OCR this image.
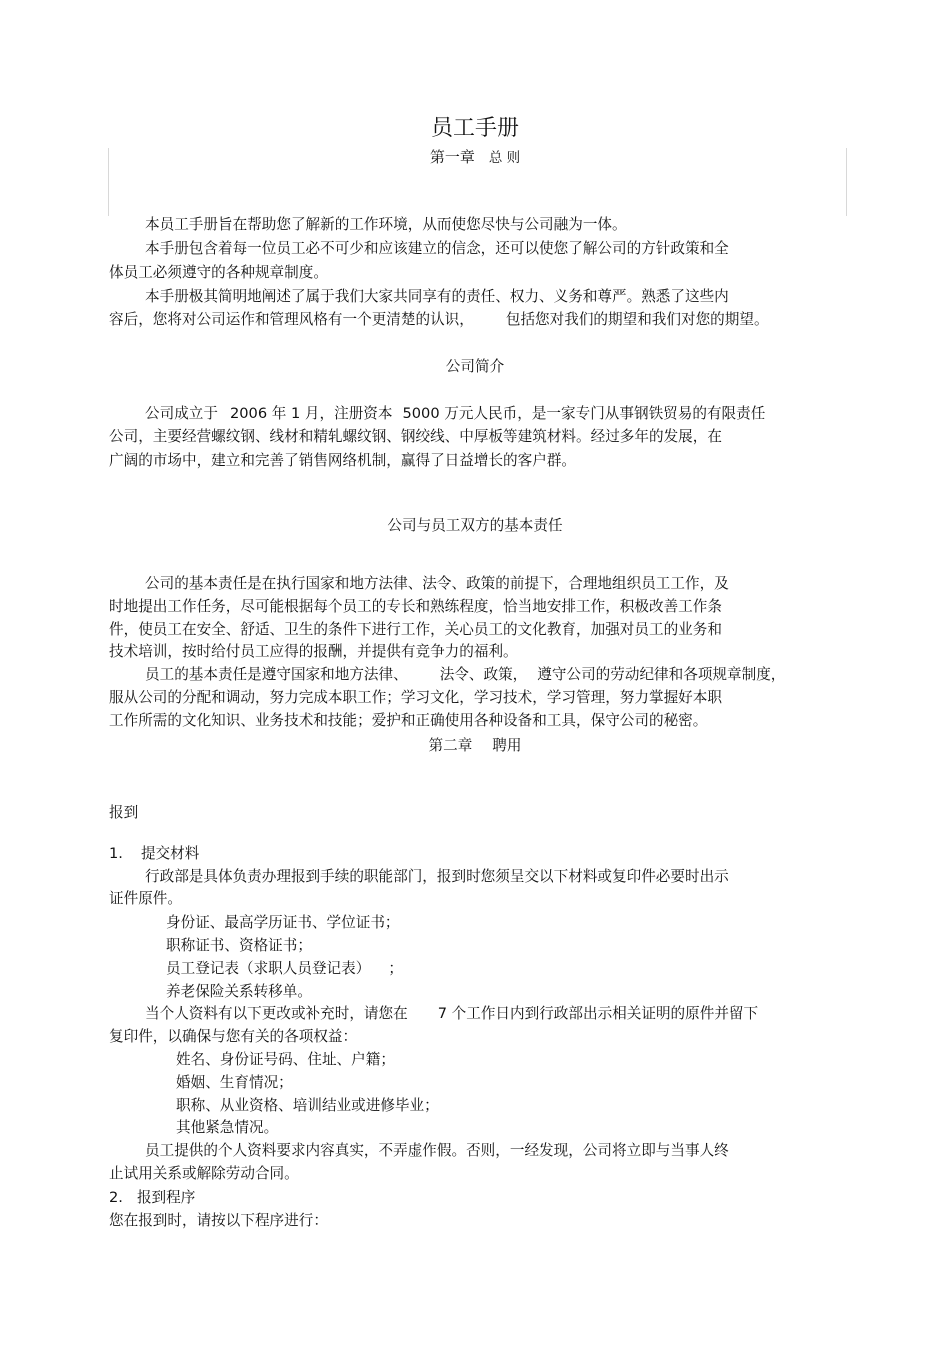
员工手册
第一章 总 则
本员工手册旨在帮助您了解新的工作环境，从而使您尽快与公司融为一体。
本手册包含着每一位员工必不可少和应该建立的信念，还可以使您了解公司的方针政策和全
体员工必须遵守的各种规章制度。
本手册极其简明地阐述了属于我们大家共同享有的责任、权力、义务和尊严。熟悉了这些内
容后，您将对公司运作和管理风格有一个更清楚的认识， 包括您对我们的期望和我们对您的期望。
公司简介
公司成立于 2006 年 1 月，注册资本 5000 万元人民币，是一家专门从事钢铁贸易的有限责任
公司，主要经营螺纹钢、线材和精轧螺纹钢、钢绞线、中厚板等建筑材料。经过多年的发展，在
广阔的市场中，建立和完善了销售网络机制，赢得了日益增长的客户群。
公司与员工双方的基本责任
公司的基本责任是在执行国家和地方法律、法令、政策的前提下，合理地组织员工工作，及
时地提出工作任务，尽可能根据每个员工的专长和熟练程度，恰当地安排工作，积极改善工作条
件，使员工在安全、舒适、卫生的条件下进行工作，关心员工的文化教育，加强对员工的业务和
技术培训，按时给付员工应得的报酬，并提供有竞争力的福利。
员工的基本责任是遵守国家和地方法律、 法令、政策， 遵守公司的劳动纪律和各项规章制度，
服从公司的分配和调动，努力完成本职工作；学习文化，学习技术，学习管理，努力掌握好本职
工作所需的文化知识、业务技术和技能；爱护和正确使用各种设备和工具，保守公司的秘密。
第二章 聘用
报到
1. 提交材料
行政部是具体负责办理报到手续的职能部门，报到时您须呈交以下材料或复印件必要时出示
证件原件。
身份证、最高学历证书、学位证书；
职称证书、资格证书；
员工登记表（求职人员登记表） ；
养老保险关系转移单。
当个人资料有以下更改或补充时，请您在 7 个工作日内到行政部出示相关证明的原件并留下
复印件，以确保与您有关的各项权益：
姓名、身份证号码、住址、户籍；
婚姻、生育情况；
职称、从业资格、培训结业或进修毕业；
其他紧急情况。
员工提供的个人资料要求内容真实，不弄虚作假。否则，一经发现，公司将立即与当事人终
止试用关系或解除劳动合同。
2. 报到程序
您在报到时，请按以下程序进行：
